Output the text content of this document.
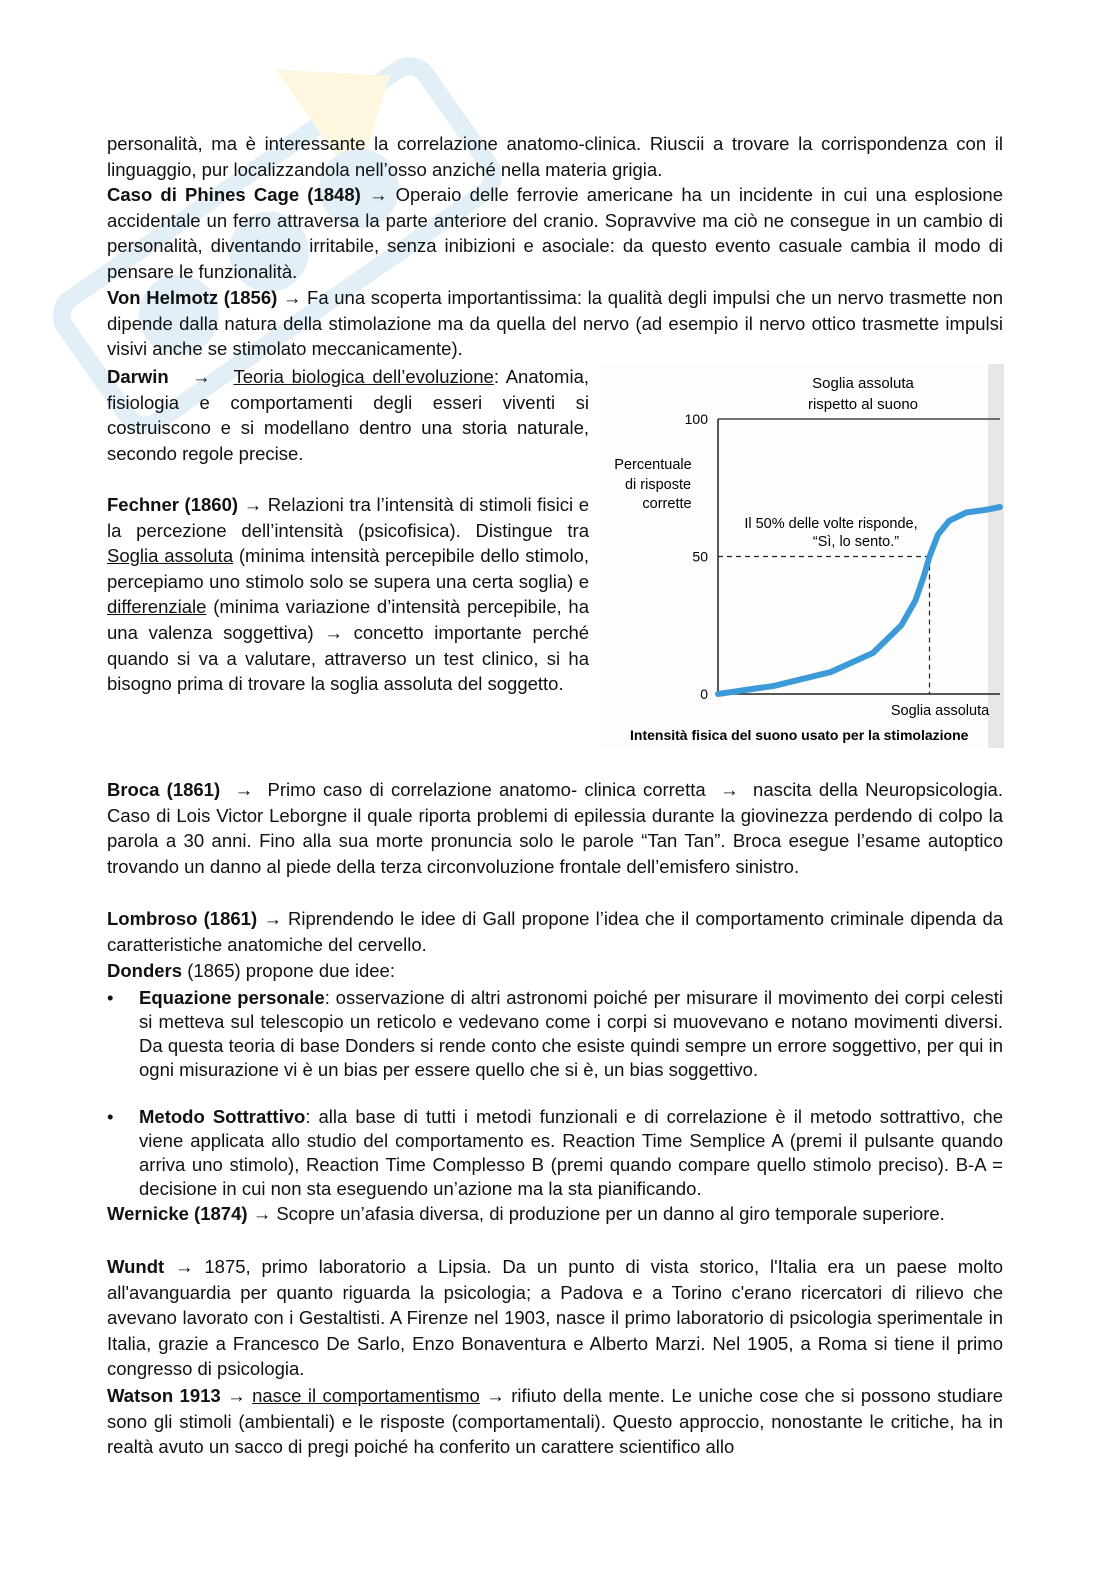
personalità, ma è interessante la correlazione anatomo-clinica. Riuscii a trovare la corrispondenza con il linguaggio, pur localizzandola nell’osso anziché nella materia grigia.

Caso di Phines Cage (1848) → Operaio delle ferrovie americane ha un incidente in cui una esplosione accidentale un ferro attraversa la parte anteriore del cranio. Sopravvive ma ciò ne consegue in un cambio di personalità, diventando irritabile, senza inibizioni e asociale: da questo evento casuale cambia il modo di pensare le funzionalità.

Von Helmotz (1856) → Fa una scoperta importantissima: la qualità degli impulsi che un nervo trasmette non dipende dalla natura della stimolazione ma da quella del nervo (ad esempio il nervo ottico trasmette impulsi visivi anche se stimolato meccanicamente).

Darwin → Teoria biologica dell’evoluzione: Anatomia, fisiologia e comportamenti degli esseri viventi si costruiscono e si modellano dentro una storia naturale, secondo regole precise.

Fechner (1860) → Relazioni tra l’intensità di stimoli fisici e la percezione dell’intensità (psicofisica). Distingue tra Soglia assoluta (minima intensità percepibile dello stimolo, percepiamo uno stimolo solo se supera una certa soglia) e differenziale (minima variazione d’intensità percepibile, ha una valenza soggettiva) → concetto importante perché quando si va a valutare, attraverso un test clinico, si ha bisogno prima di trovare la soglia assoluta del soggetto.

Soglia assoluta
rispetto al suono
Percentuale
di risposte
corrette
100
50
0
Il 50% delle volte risponde,
“Sì, lo sento.”
Soglia assoluta
Intensità fisica del suono usato per la stimolazione

Broca (1861) → Primo caso di correlazione anatomo- clinica corretta → nascita della Neuropsicologia. Caso di Lois Victor Leborgne il quale riporta problemi di epilessia durante la giovinezza perdendo di colpo la parola a 30 anni. Fino alla sua morte pronuncia solo le parole “Tan Tan”. Broca esegue l’esame autoptico trovando un danno al piede della terza circonvoluzione frontale dell’emisfero sinistro.

Lombroso (1861) → Riprendendo le idee di Gall propone l’idea che il comportamento criminale dipenda da caratteristiche anatomiche del cervello.

Donders (1865) propone due idee:

•	Equazione personale: osservazione di altri astronomi poiché per misurare il movimento dei corpi celesti si metteva sul telescopio un reticolo e vedevano come i corpi si muovevano e notano movimenti diversi. Da questa teoria di base Donders si rende conto che esiste quindi sempre un errore soggettivo, per qui in ogni misurazione vi è un bias per essere quello che si è, un bias soggettivo.
•	Metodo Sottrattivo: alla base di tutti i metodi funzionali e di correlazione è il metodo sottrattivo, che viene applicata allo studio del comportamento es. Reaction Time Semplice A (premi il pulsante quando arriva uno stimolo), Reaction Time Complesso B (premi quando compare quello stimolo preciso). B-A = decisione in cui non sta eseguendo un’azione ma la sta pianificando.

Wernicke (1874) → Scopre un’afasia diversa, di produzione per un danno al giro temporale superiore.

Wundt → 1875, primo laboratorio a Lipsia. Da un punto di vista storico, l'Italia era un paese molto all'avanguardia per quanto riguarda la psicologia; a Padova e a Torino c'erano ricercatori di rilievo che avevano lavorato con i Gestaltisti. A Firenze nel 1903, nasce il primo laboratorio di psicologia sperimentale in Italia, grazie a Francesco De Sarlo, Enzo Bonaventura e Alberto Marzi. Nel 1905, a Roma si tiene il primo congresso di psicologia.

Watson 1913 → nasce il comportamentismo → rifiuto della mente. Le uniche cose che si possono studiare sono gli stimoli (ambientali) e le risposte (comportamentali). Questo approccio, nonostante le critiche, ha in realtà avuto un sacco di pregi poiché ha conferito un carattere scientifico allo
